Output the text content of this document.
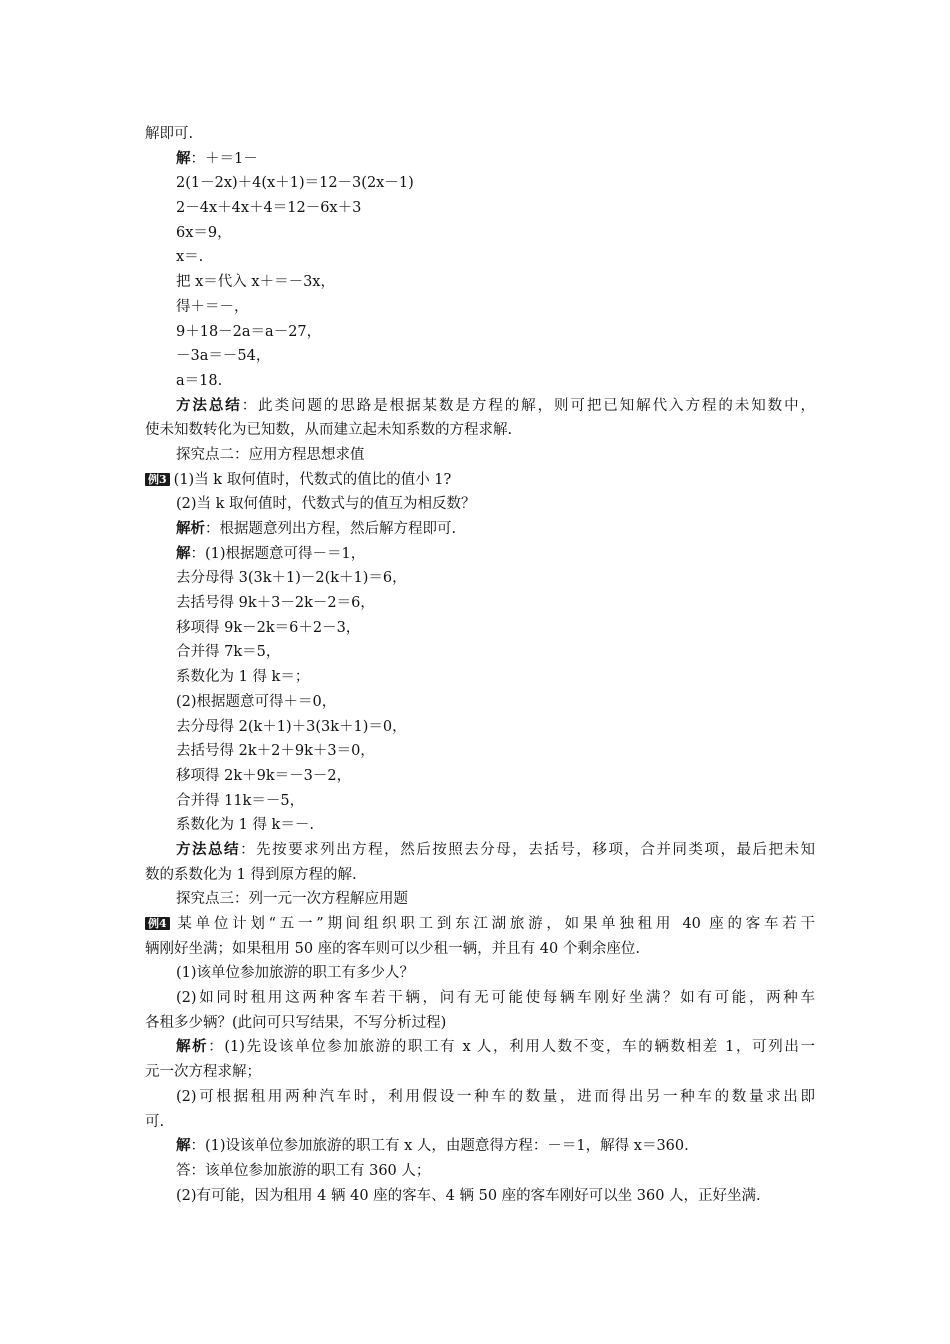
解即可.
解：＋＝1－
2(1－2x)＋4(x＋1)＝12－3(2x－1)
2－4x＋4x＋4＝12－6x＋3
6x＝9，
x＝.
把 x＝代入 x＋＝－3x，
得＋＝－，
9＋18－2a＝a－27，
－3a＝－54，
a＝18.
方法总结：此类问题的思路是根据某数是方程的解，则可把已知解代入方程的未知数中，
使未知数转化为已知数，从而建立起未知系数的方程求解.
探究点二：应用方程思想求值
例3 (1)当 k 取何值时，代数式的值比的值小 1?
(2)当 k 取何值时，代数式与的值互为相反数？
解析：根据题意列出方程，然后解方程即可.
解：(1)根据题意可得－＝1，
去分母得 3(3k＋1)－2(k＋1)＝6，
去括号得 9k＋3－2k－2＝6，
移项得 9k－2k＝6＋2－3，
合并得 7k＝5，
系数化为 1 得 k＝；
(2)根据题意可得＋＝0，
去分母得 2(k＋1)＋3(3k＋1)＝0，
去括号得 2k＋2＋9k＋3＝0，
移项得 2k＋9k＝－3－2，
合并得 11k＝－5，
系数化为 1 得 k＝－.
方法总结：先按要求列出方程，然后按照去分母，去括号，移项，合并同类项，最后把未知
数的系数化为 1 得到原方程的解.
探究点三：列一元一次方程解应用题
例4 某单位计划“五一”期间组织职工到东江湖旅游，如果单独租用 40 座的客车若干
辆刚好坐满；如果租用 50 座的客车则可以少租一辆，并且有 40 个剩余座位.
(1)该单位参加旅游的职工有多少人？
(2)如同时租用这两种客车若干辆，问有无可能使每辆车刚好坐满？如有可能，两种车
各租多少辆？(此问可只写结果，不写分析过程)
解析：(1)先设该单位参加旅游的职工有 x 人，利用人数不变，车的辆数相差 1，可列出一
元一次方程求解；
(2)可根据租用两种汽车时，利用假设一种车的数量，进而得出另一种车的数量求出即
可.
解：(1)设该单位参加旅游的职工有 x 人，由题意得方程：－＝1，解得 x＝360.
答：该单位参加旅游的职工有 360 人；
(2)有可能，因为租用 4 辆 40 座的客车、4 辆 50 座的客车刚好可以坐 360 人，正好坐满.
